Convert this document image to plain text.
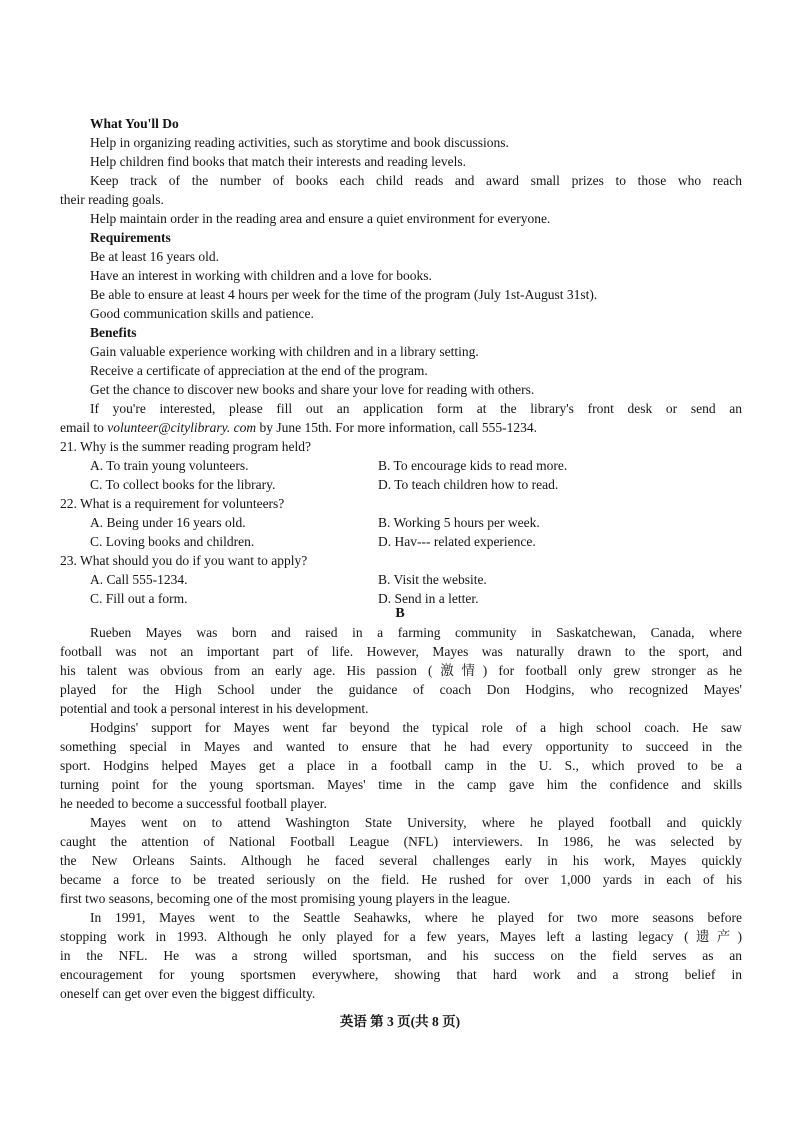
What You'll Do
Help in organizing reading activities, such as storytime and book discussions.
Help children find books that match their interests and reading levels.
Keep track of the number of books each child reads and award small prizes to those who reach
their reading goals.
Help maintain order in the reading area and ensure a quiet environment for everyone.
Requirements
Be at least 16 years old.
Have an interest in working with children and a love for books.
Be able to ensure at least 4 hours per week for the time of the program (July 1st-August 31st).
Good communication skills and patience.
Benefits
Gain valuable experience working with children and in a library setting.
Receive a certificate of appreciation at the end of the program.
Get the chance to discover new books and share your love for reading with others.
If you're interested, please fill out an application form at the library's front desk or send an
email to volunteer@citylibrary. com by June 15th. For more information, call 555-1234.
21. Why is the summer reading program held?
A. To train young volunteers.	B. To encourage kids to read more.
C. To collect books for the library.	D. To teach children how to read.
22. What is a requirement for volunteers?
A. Being under 16 years old.	B. Working 5 hours per week.
C. Loving books and children.	D. Hav--- related experience.
23. What should you do if you want to apply?
A. Call 555-1234.	B. Visit the website.
C. Fill out a form.	D. Send in a letter.
B
Rueben Mayes was born and raised in a farming community in Saskatchewan, Canada, where
football was not an important part of life. However, Mayes was naturally drawn to the sport, and
his talent was obvious from an early age. His passion (激情) for football only grew stronger as he
played for the High School under the guidance of coach Don Hodgins, who recognized Mayes'
potential and took a personal interest in his development.
Hodgins' support for Mayes went far beyond the typical role of a high school coach. He saw
something special in Mayes and wanted to ensure that he had every opportunity to succeed in the
sport. Hodgins helped Mayes get a place in a football camp in the U. S., which proved to be a
turning point for the young sportsman. Mayes' time in the camp gave him the confidence and skills
he needed to become a successful football player.
Mayes went on to attend Washington State University, where he played football and quickly
caught the attention of National Football League (NFL) interviewers. In 1986, he was selected by
the New Orleans Saints. Although he faced several challenges early in his work, Mayes quickly
became a force to be treated seriously on the field. He rushed for over 1,000 yards in each of his
first two seasons, becoming one of the most promising young players in the league.
In 1991, Mayes went to the Seattle Seahawks, where he played for two more seasons before
stopping work in 1993. Although he only played for a few years, Mayes left a lasting legacy (遗产)
in the NFL. He was a strong willed sportsman, and his success on the field serves as an
encouragement for young sportsmen everywhere, showing that hard work and a strong belief in
oneself can get over even the biggest difficulty.
英语 第 3 页(共 8 页)
